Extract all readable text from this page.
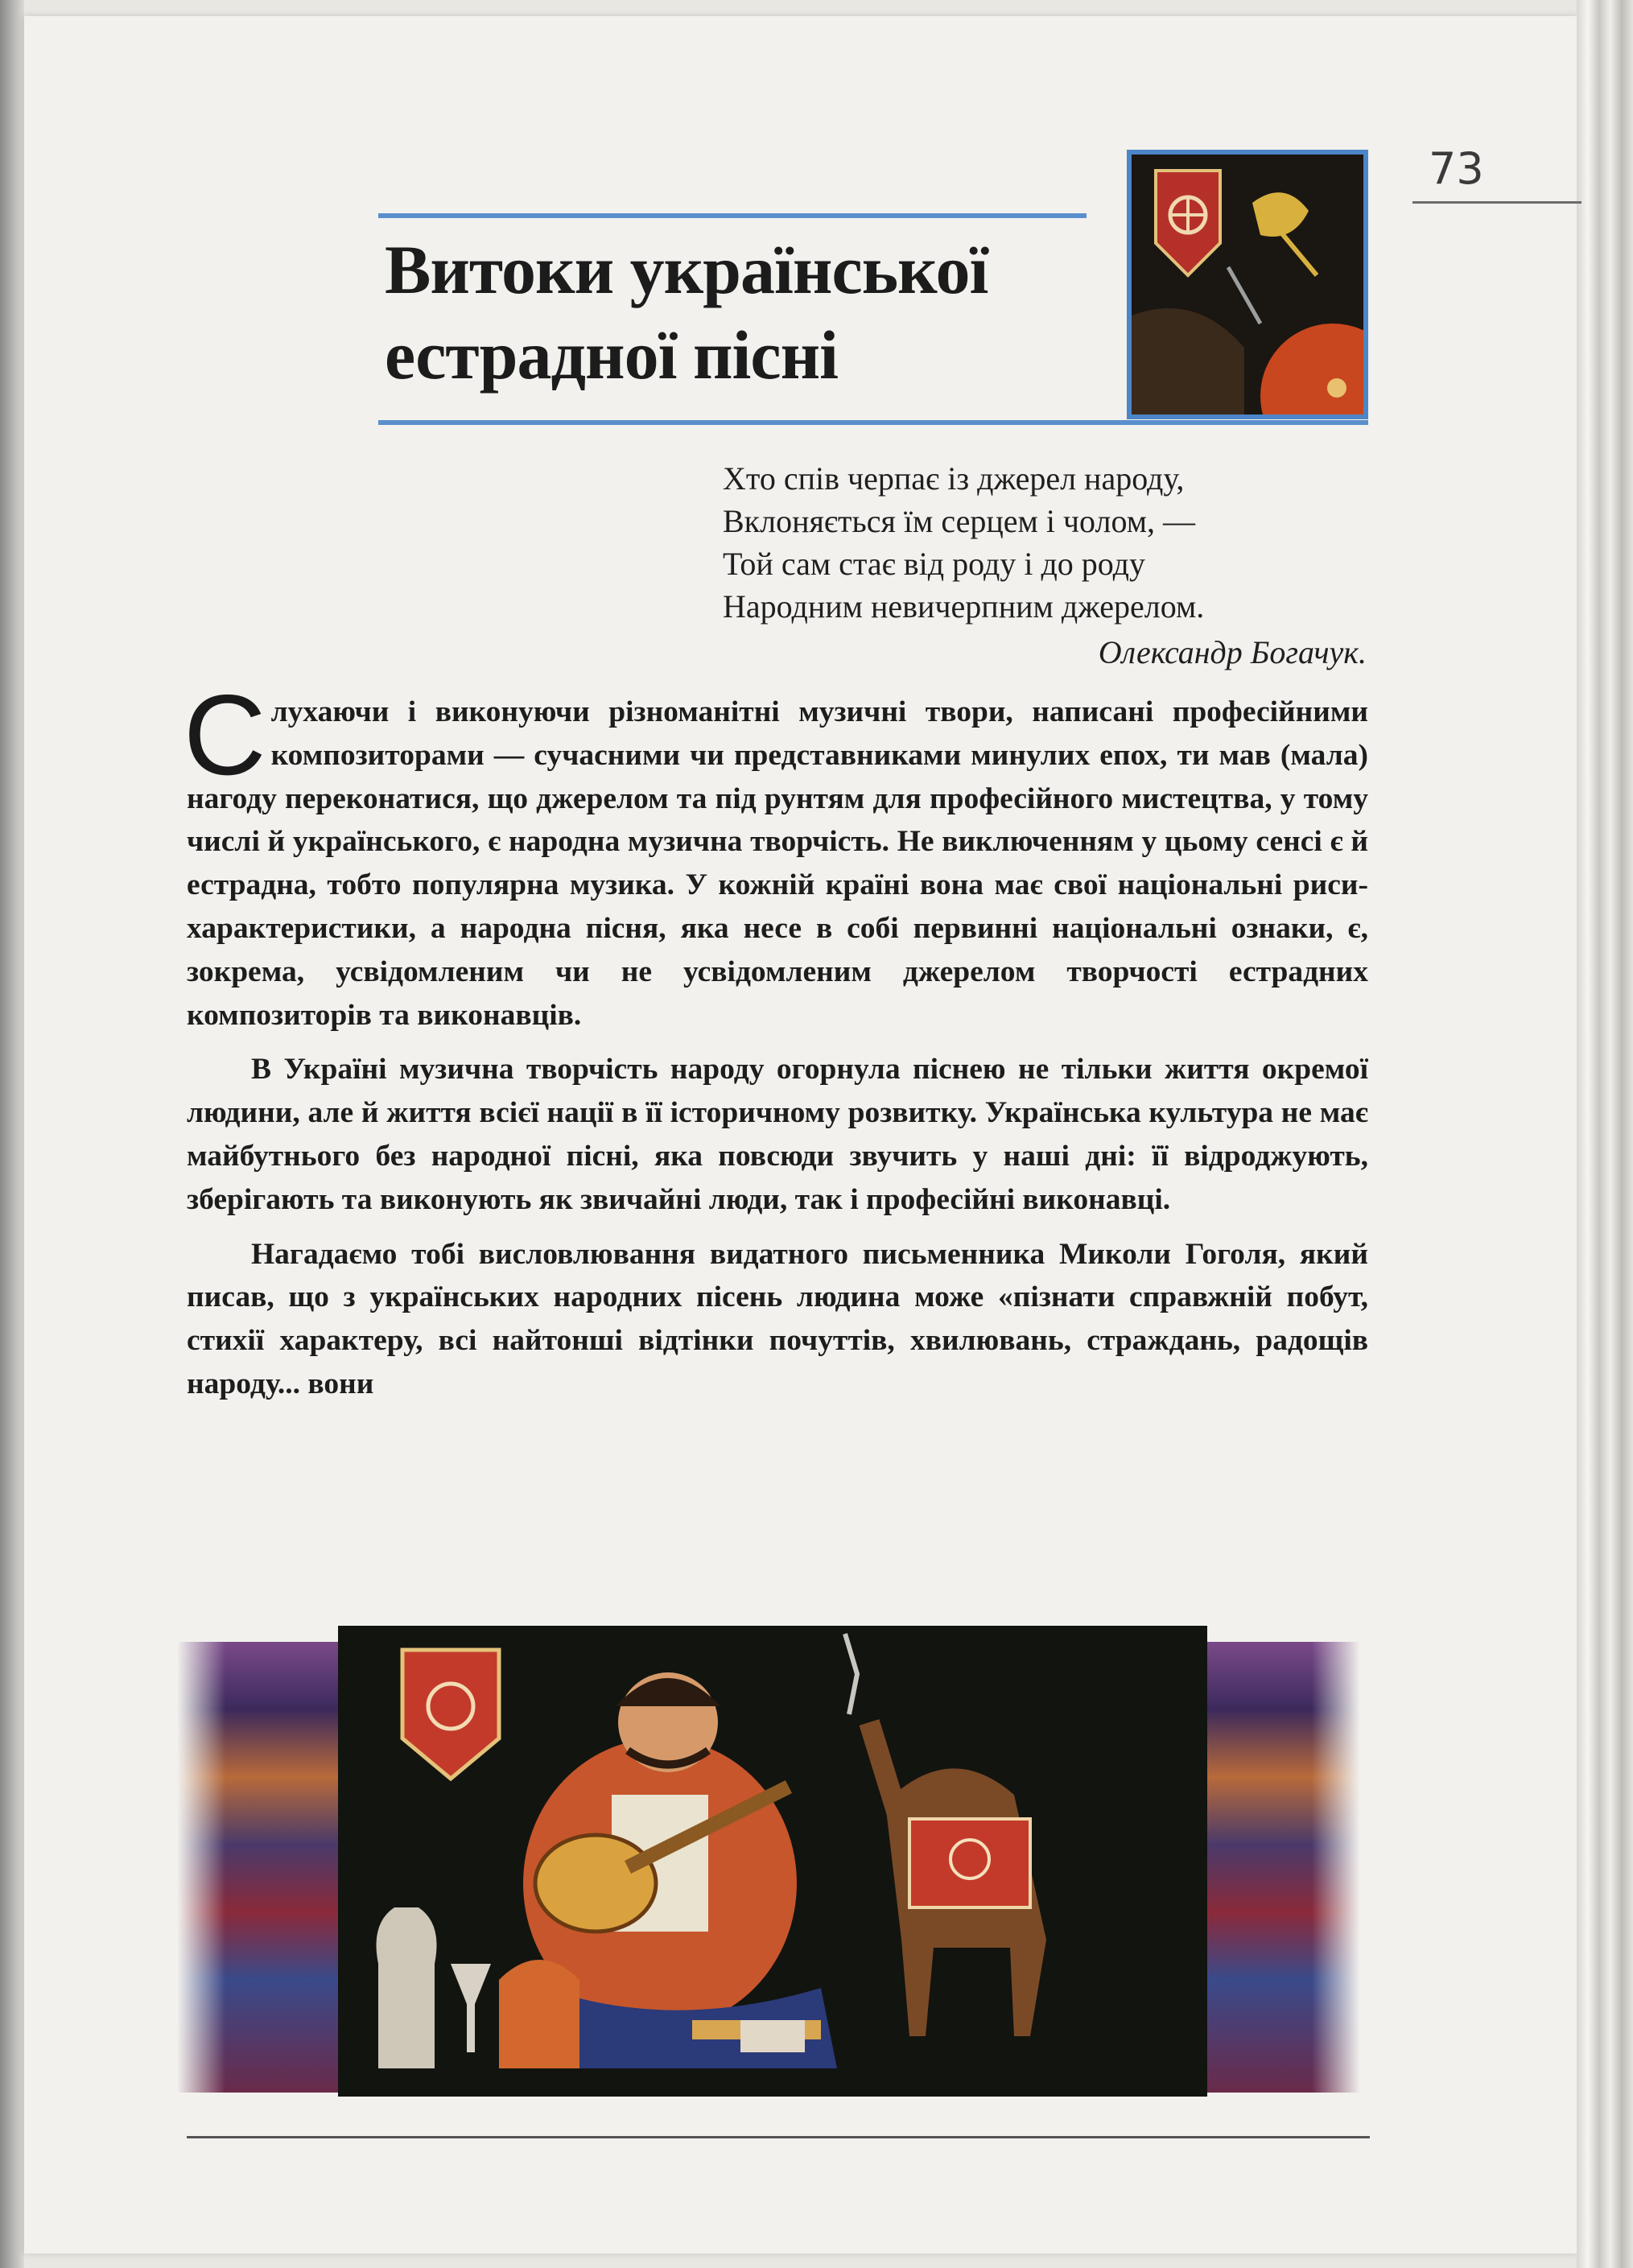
73
Витоки української
естрадної пісні
Хто спів черпає із джерел народу,
Вклоняється їм серцем і чолом, —
Той сам стає від роду і до роду
Народним невичерпним джерелом.
Олександр Богачук.

Слухаючи і виконуючи різноманітні музичні твори, написані професійними композиторами — сучасними чи представниками минулих епох, ти мав (мала) нагоду переконатися, що джерелом та під рунтям для професійного мистецтва, у тому числі й українського, є народна музична творчість. Не виключенням у цьому сенсі є й естрадна, тобто популярна музика. У кожній країні вона має свої національні риси-характеристики, а народна пісня, яка несе в собі первинні національні ознаки, є, зокрема, усвідомленим чи не усвідомленим джерелом творчості естрадних композиторів та виконавців.

В Україні музична творчість народу огорнула піснею не тільки життя окремої людини, але й життя всієї нації в її історичному розвитку. Українська культура не має майбутнього без народної пісні, яка повсюди звучить у наші дні: її відроджують, зберігають та виконують як звичайні люди, так і професійні виконавці.

Нагадаємо тобі висловлювання видатного письменника Миколи Гоголя, який писав, що з українських народних пісень людина може «пізнати справжній побут, стихії характеру, всі найтонші відтінки почуттів, хвилювань, страждань, радощів народу... вони
